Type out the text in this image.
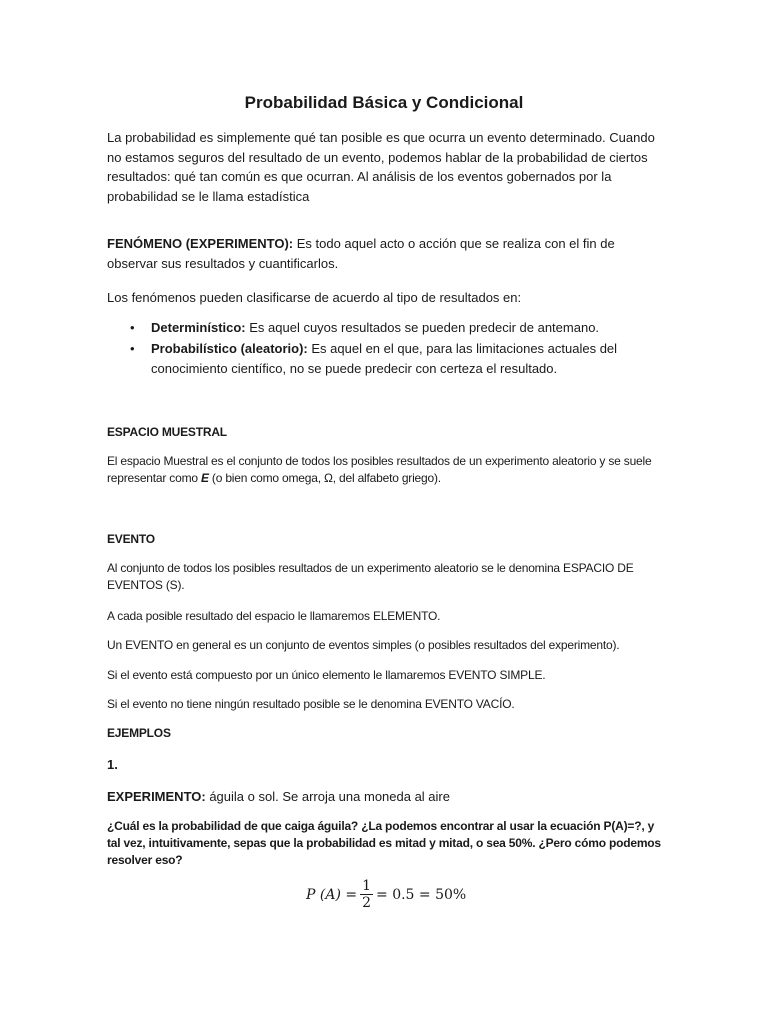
Probabilidad Básica y Condicional
La probabilidad es simplemente qué tan posible es que ocurra un evento determinado. Cuando no estamos seguros del resultado de un evento, podemos hablar de la probabilidad de ciertos resultados: qué tan común es que ocurran. Al análisis de los eventos gobernados por la probabilidad se le llama estadística
FENÓMENO (EXPERIMENTO): Es todo aquel acto o acción que se realiza con el fin de observar sus resultados y cuantificarlos.
Los fenómenos pueden clasificarse de acuerdo al tipo de resultados en:
• Determinístico: Es aquel cuyos resultados se pueden predecir de antemano.
• Probabilístico (aleatorio): Es aquel en el que, para las limitaciones actuales del conocimiento científico, no se puede predecir con certeza el resultado.
ESPACIO MUESTRAL
El espacio Muestral es el conjunto de todos los posibles resultados de un experimento aleatorio y se suele representar como E (o bien como omega, Ω, del alfabeto griego).
EVENTO
Al conjunto de todos los posibles resultados de un experimento aleatorio se le denomina ESPACIO DE EVENTOS (S).
A cada posible resultado del espacio le llamaremos ELEMENTO.
Un EVENTO en general es un conjunto de eventos simples (o posibles resultados del experimento).
Si el evento está compuesto por un único elemento le llamaremos EVENTO SIMPLE.
Si el evento no tiene ningún resultado posible se le denomina EVENTO VACÍO.
EJEMPLOS
1.
EXPERIMENTO: águila o sol. Se arroja una moneda al aire
¿Cuál es la probabilidad de que caiga águila? ¿La podemos encontrar al usar la ecuación P(A)=?, y tal vez, intuitivamente, sepas que la probabilidad es mitad y mitad, o sea 50%. ¿Pero cómo podemos resolver eso?
P $(A) = \frac{1}{2} = 0.5 = 50\%$
